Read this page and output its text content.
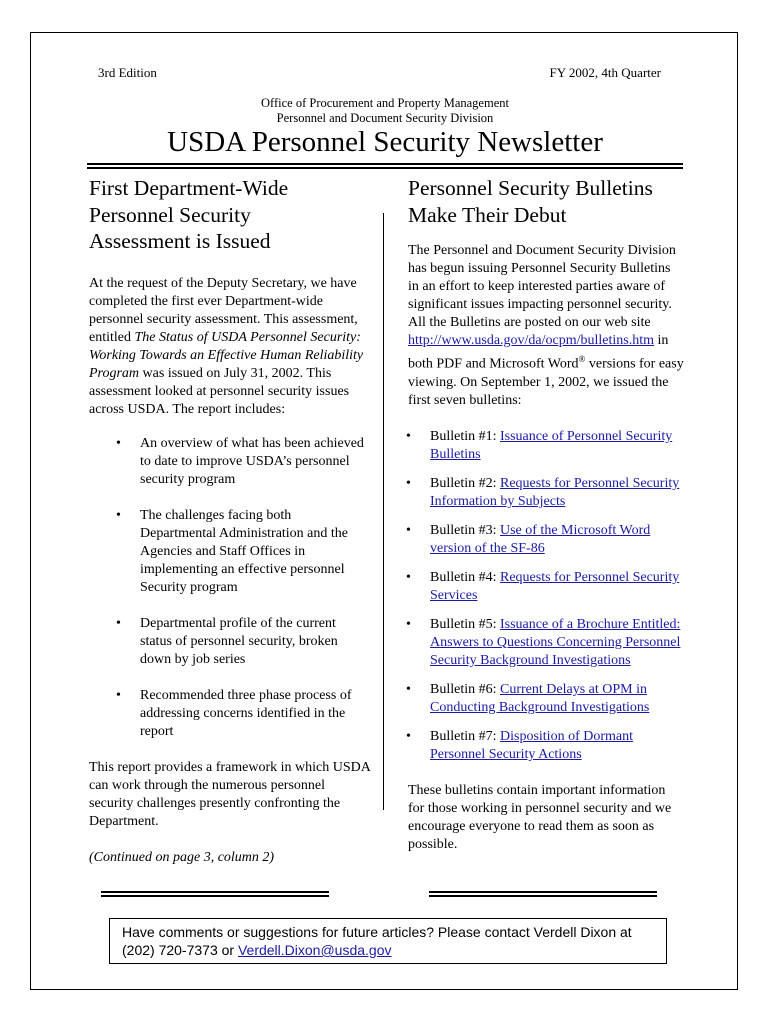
3rd Edition	FY 2002, 4th Quarter
Office of Procurement and Property Management
Personnel and Document Security Division
USDA Personnel Security Newsletter
First Department-Wide
Personnel Security
Assessment is Issued

At the request of the Deputy Secretary, we have completed the first ever Department-wide personnel security assessment. This assessment, entitled The Status of USDA Personnel Security: Working Towards an Effective Human Reliability Program was issued on July 31, 2002. This assessment looked at personnel security issues across USDA. The report includes:

• An overview of what has been achieved to date to improve USDA’s personnel security program
• The challenges facing both Departmental Administration and the Agencies and Staff Offices in implementing an effective personnel Security program
• Departmental profile of the current status of personnel security, broken down by job series
• Recommended three phase process of addressing concerns identified in the report

This report provides a framework in which USDA can work through the numerous personnel security challenges presently confronting the Department.

(Continued on page 3, column 2)

Personnel Security Bulletins
Make Their Debut

The Personnel and Document Security Division has begun issuing Personnel Security Bulletins in an effort to keep interested parties aware of significant issues impacting personnel security. All the Bulletins are posted on our web site http://www.usda.gov/da/ocpm/bulletins.htm in both PDF and Microsoft Word® versions for easy viewing. On September 1, 2002, we issued the first seven bulletins:

• Bulletin #1: Issuance of Personnel Security Bulletins
• Bulletin #2: Requests for Personnel Security Information by Subjects
• Bulletin #3: Use of the Microsoft Word version of the SF-86
• Bulletin #4: Requests for Personnel Security Services
• Bulletin #5: Issuance of a Brochure Entitled: Answers to Questions Concerning Personnel Security Background Investigations
• Bulletin #6: Current Delays at OPM in Conducting Background Investigations
• Bulletin #7: Disposition of Dormant Personnel Security Actions

These bulletins contain important information for those working in personnel security and we encourage everyone to read them as soon as possible.

Have comments or suggestions for future articles? Please contact Verdell Dixon at (202) 720-7373 or Verdell.Dixon@usda.gov
